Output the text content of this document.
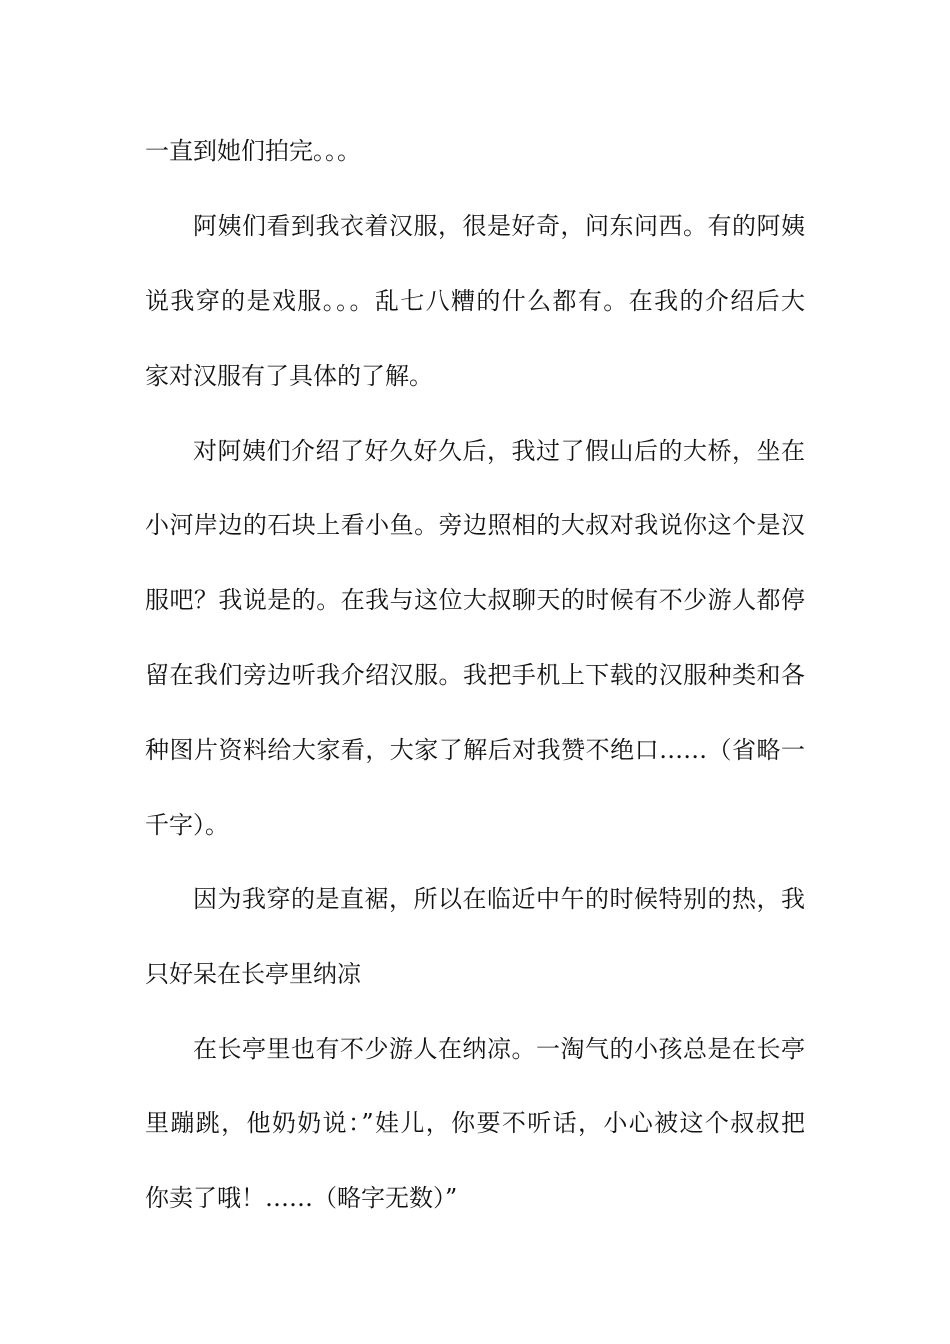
一直到她们拍完。。。
阿姨们看到我衣着汉服，很是好奇，问东问西。有的阿姨
说我穿的是戏服。。。乱七八糟的什么都有。在我的介绍后大
家对汉服有了具体的了解。
对阿姨们介绍了好久好久后，我过了假山后的大桥，坐在
小河岸边的石块上看小鱼。旁边照相的大叔对我说你这个是汉
服吧？我说是的。在我与这位大叔聊天的时候有不少游人都停
留在我们旁边听我介绍汉服。我把手机上下载的汉服种类和各
种图片资料给大家看，大家了解后对我赞不绝口……（省略一
千字）。
因为我穿的是直裾，所以在临近中午的时候特别的热，我
只好呆在长亭里纳凉
在长亭里也有不少游人在纳凉。一淘气的小孩总是在长亭
里蹦跳，他奶奶说：”娃儿，你要不听话，小心被这个叔叔把
你卖了哦！……（略字无数）”
